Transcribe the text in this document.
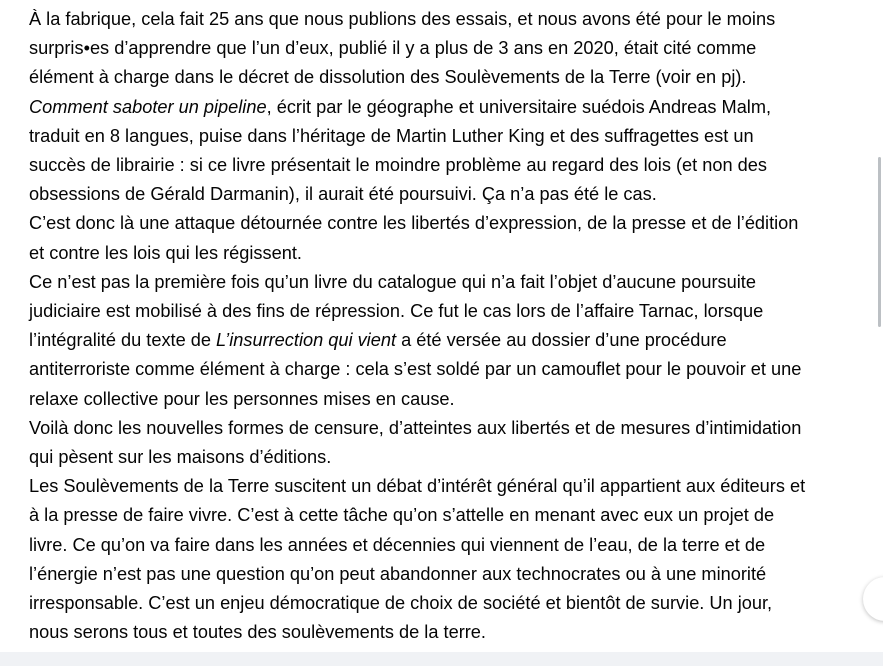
À la fabrique, cela fait 25 ans que nous publions des essais, et nous avons été pour le moins
surpris•es d’apprendre que l’un d’eux, publié il y a plus de 3 ans en 2020, était cité comme
élément à charge dans le décret de dissolution des Soulèvements de la Terre (voir en pj).
Comment saboter un pipeline, écrit par le géographe et universitaire suédois Andreas Malm,
traduit en 8 langues, puise dans l’héritage de Martin Luther King et des suffragettes est un
succès de librairie : si ce livre présentait le moindre problème au regard des lois (et non des
obsessions de Gérald Darmanin), il aurait été poursuivi. Ça n’a pas été le cas.
C’est donc là une attaque détournée contre les libertés d’expression, de la presse et de l’édition
et contre les lois qui les régissent.
Ce n’est pas la première fois qu’un livre du catalogue qui n’a fait l’objet d’aucune poursuite
judiciaire est mobilisé à des fins de répression. Ce fut le cas lors de l’affaire Tarnac, lorsque
l’intégralité du texte de L’insurrection qui vient a été versée au dossier d’une procédure
antiterroriste comme élément à charge : cela s’est soldé par un camouflet pour le pouvoir et une
relaxe collective pour les personnes mises en cause.
Voilà donc les nouvelles formes de censure, d’atteintes aux libertés et de mesures d’intimidation
qui pèsent sur les maisons d’éditions.
Les Soulèvements de la Terre suscitent un débat d’intérêt général qu’il appartient aux éditeurs et
à la presse de faire vivre. C’est à cette tâche qu’on s’attelle en menant avec eux un projet de
livre. Ce qu’on va faire dans les années et décennies qui viennent de l’eau, de la terre et de
l’énergie n’est pas une question qu’on peut abandonner aux technocrates ou à une minorité
irresponsable. C’est un enjeu démocratique de choix de société et bientôt de survie. Un jour,
nous serons tous et toutes des soulèvements de la terre.
